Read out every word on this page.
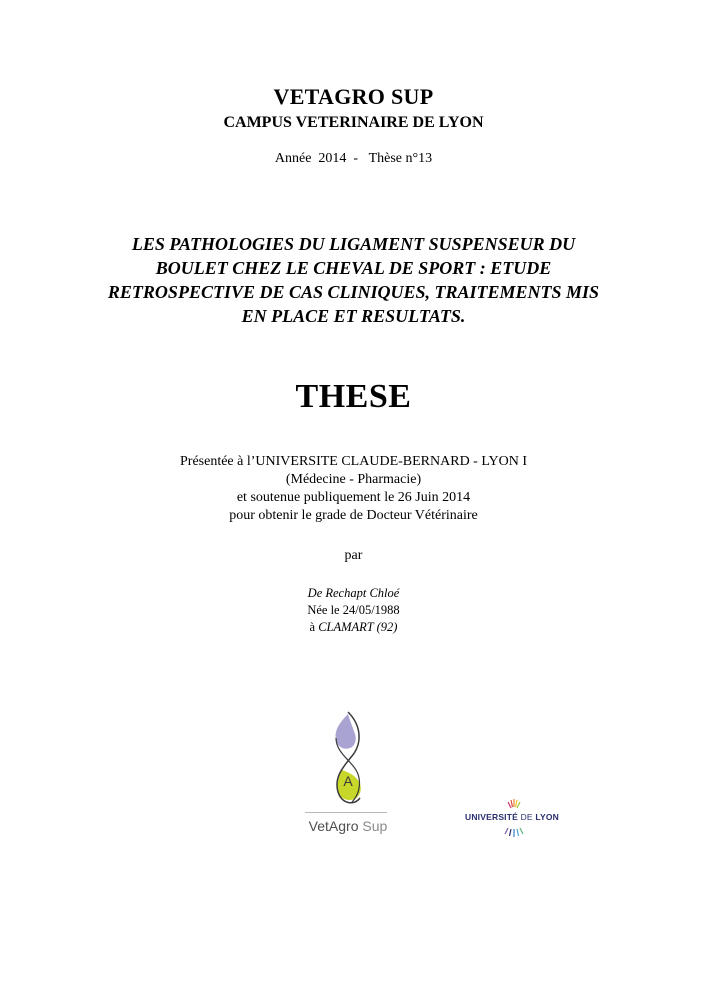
VETAGRO SUP
CAMPUS VETERINAIRE DE LYON
Année 2014 - Thèse n°13
LES PATHOLOGIES DU LIGAMENT SUSPENSEUR DU
BOULET CHEZ LE CHEVAL DE SPORT : ETUDE
RETROSPECTIVE DE CAS CLINIQUES, TRAITEMENTS MIS
EN PLACE ET RESULTATS.
THESE
Présentée à l’UNIVERSITE CLAUDE-BERNARD - LYON I
(Médecine - Pharmacie)
et soutenue publiquement le 26 Juin 2014
pour obtenir le grade de Docteur Vétérinaire
par
De Rechapt Chloé
Née le 24/05/1988
à CLAMART (92)
A
VetAgro Sup
UNIVERSITÉ DE LYON
